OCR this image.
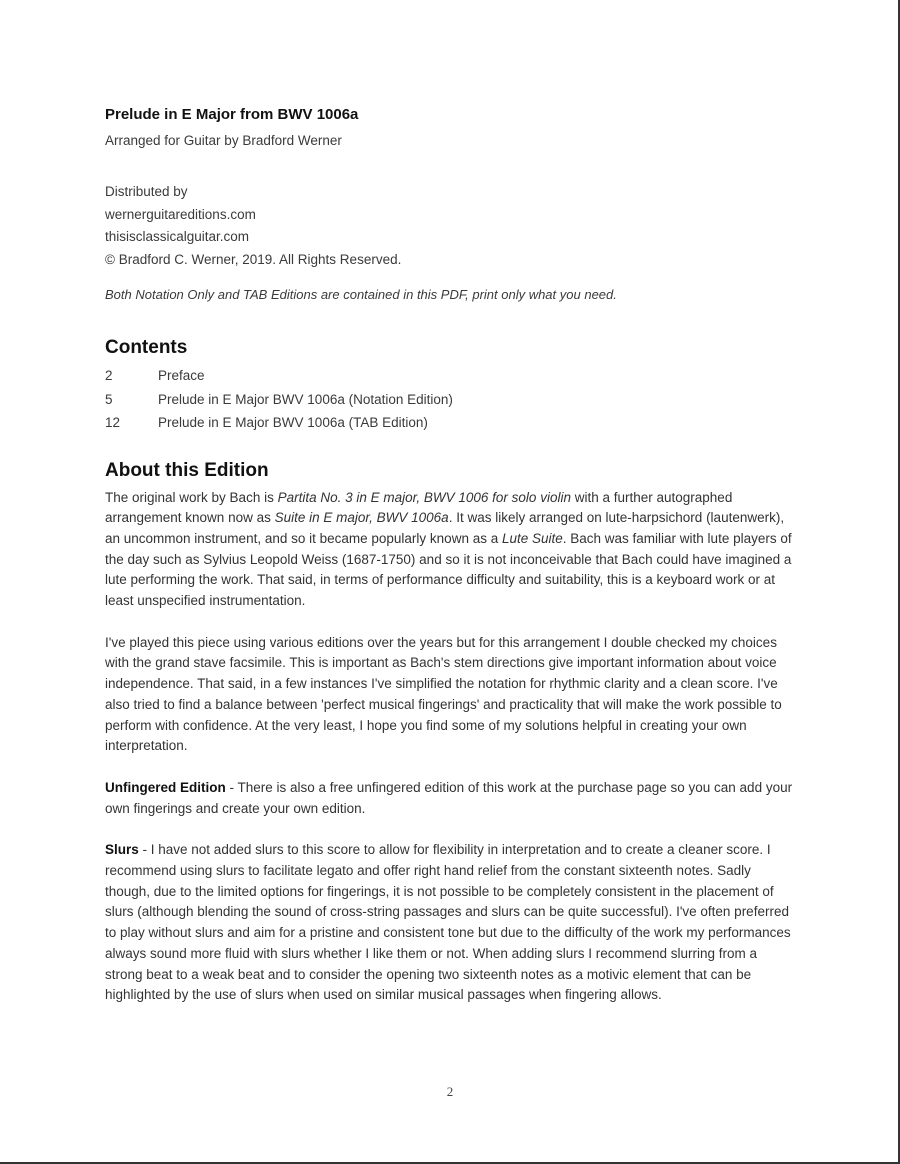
Prelude in E Major from BWV 1006a
Arranged for Guitar by Bradford Werner
Distributed by
wernerguitareditions.com
thisisclassicalguitar.com
© Bradford C. Werner, 2019. All Rights Reserved.
Both Notation Only and TAB Editions are contained in this PDF, print only what you need.
Contents
2	Preface
5	Prelude in E Major BWV 1006a (Notation Edition)
12	Prelude in E Major BWV 1006a (TAB Edition)
About this Edition

The original work by Bach is Partita No. 3 in E major, BWV 1006 for solo violin with a further autographed arrangement known now as Suite in E major, BWV 1006a. It was likely arranged on lute-harpsichord (lautenwerk), an uncommon instrument, and so it became popularly known as a Lute Suite. Bach was familiar with lute players of the day such as Sylvius Leopold Weiss (1687-1750) and so it is not inconceivable that Bach could have imagined a lute performing the work. That said, in terms of performance difficulty and suitability, this is a keyboard work or at least unspecified instrumentation.

I've played this piece using various editions over the years but for this arrangement I double checked my choices with the grand stave facsimile. This is important as Bach's stem directions give important information about voice independence. That said, in a few instances I've simplified the notation for rhythmic clarity and a clean score. I've also tried to find a balance between 'perfect musical fingerings' and practicality that will make the work possible to perform with confidence. At the very least, I hope you find some of my solutions helpful in creating your own interpretation.

Unfingered Edition - There is also a free unfingered edition of this work at the purchase page so you can add your own fingerings and create your own edition.

Slurs - I have not added slurs to this score to allow for flexibility in interpretation and to create a cleaner score. I recommend using slurs to facilitate legato and offer right hand relief from the constant sixteenth notes. Sadly though, due to the limited options for fingerings, it is not possible to be completely consistent in the placement of slurs (although blending the sound of cross-string passages and slurs can be quite successful). I've often preferred to play without slurs and aim for a pristine and consistent tone but due to the difficulty of the work my performances always sound more fluid with slurs whether I like them or not. When adding slurs I recommend slurring from a strong beat to a weak beat and to consider the opening two sixteenth notes as a motivic element that can be highlighted by the use of slurs when used on similar musical passages when fingering allows.

2
